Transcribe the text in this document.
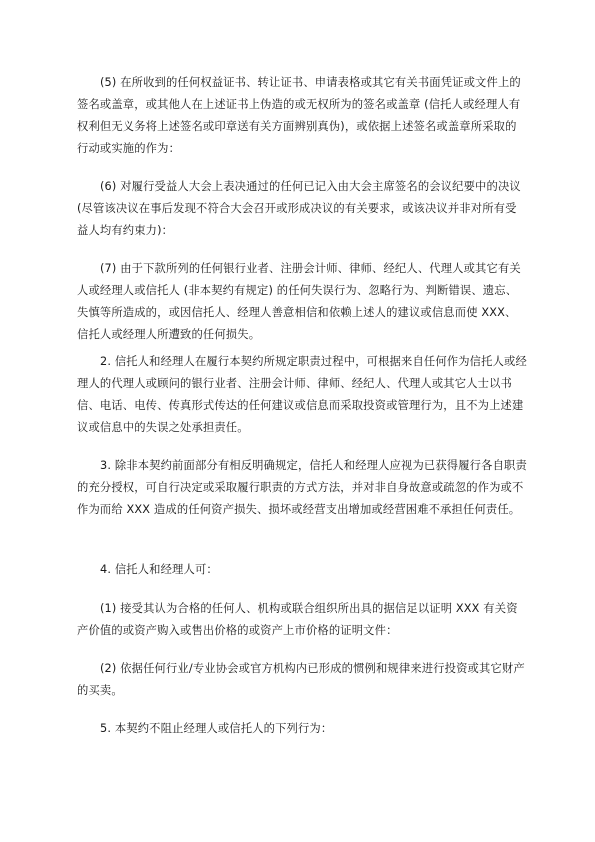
(5) 在所收到的任何权益证书、转让证书、申请表格或其它有关书面凭证或文件上的签名或盖章，或其他人在上述证书上伪造的或无权所为的签名或盖章 (信托人或经理人有权利但无义务将上述签名或印章送有关方面辨别真伪)，或依据上述签名或盖章所采取的行动或实施的作为：

(6) 对履行受益人大会上表决通过的任何已记入由大会主席签名的会议纪要中的决议 (尽管该决议在事后发现不符合大会召开或形成决议的有关要求，或该决议并非对所有受益人均有约束力)：

(7) 由于下款所列的任何银行业者、注册会计师、律师、经纪人、代理人或其它有关人或经理人或信托人 (非本契约有规定) 的任何失误行为、忽略行为、判断错误、遗忘、失慎等所造成的，或因信托人、经理人善意相信和依赖上述人的建议或信息而使 XXX、信托人或经理人所遭致的任何损失。

2. 信托人和经理人在履行本契约所规定职责过程中，可根据来自任何作为信托人或经理人的代理人或顾问的银行业者、注册会计师、律师、经纪人、代理人或其它人士以书信、电话、电传、传真形式传达的任何建议或信息而采取投资或管理行为，且不为上述建议或信息中的失误之处承担责任。

3. 除非本契约前面部分有相反明确规定，信托人和经理人应视为已获得履行各自职责的充分授权，可自行决定或采取履行职责的方式方法，并对非自身故意或疏忽的作为或不作为而给 XXX 造成的任何资产损失、损坏或经营支出增加或经营困难不承担任何责任。

4. 信托人和经理人可：

(1) 接受其认为合格的任何人、机构或联合组织所出具的据信足以证明 XXX 有关资产价值的或资产购入或售出价格的或资产上市价格的证明文件：

(2) 依据任何行业/专业协会或官方机构内已形成的惯例和规律来进行投资或其它财产的买卖。

5. 本契约不阻止经理人或信托人的下列行为：
